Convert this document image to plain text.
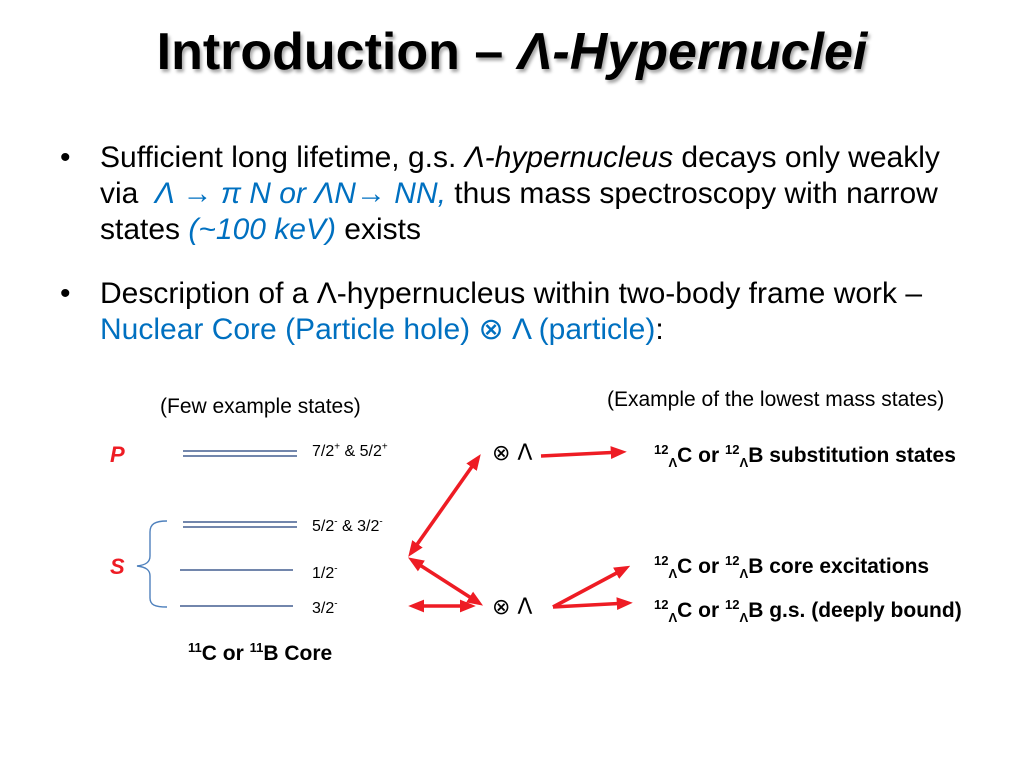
Introduction – Λ-Hypernuclei
• Sufficient long lifetime, g.s. Λ-hypernucleus decays only weakly
via Λ → π N or ΛN→ NN, thus mass spectroscopy with narrow
states (~100 keV) exists
• Description of a Λ-hypernucleus within two-body frame work –
Nuclear Core (Particle hole) ⊗ Λ (particle):
(Few example states)	(Example of the lowest mass states)
P
S
7/2+ & 5/2+
5/2- & 3/2-
1/2-
3/2-
$^{11}$C or $^{11}$B Core
⊗ Λ
⊗ Λ
$^{12}_\Lambda$C or $^{12}_\Lambda$B substitution states
$^{12}_\Lambda$C or $^{12}_\Lambda$B core excitations
$^{12}_\Lambda$C or $^{12}_\Lambda$B g.s. (deeply bound)
